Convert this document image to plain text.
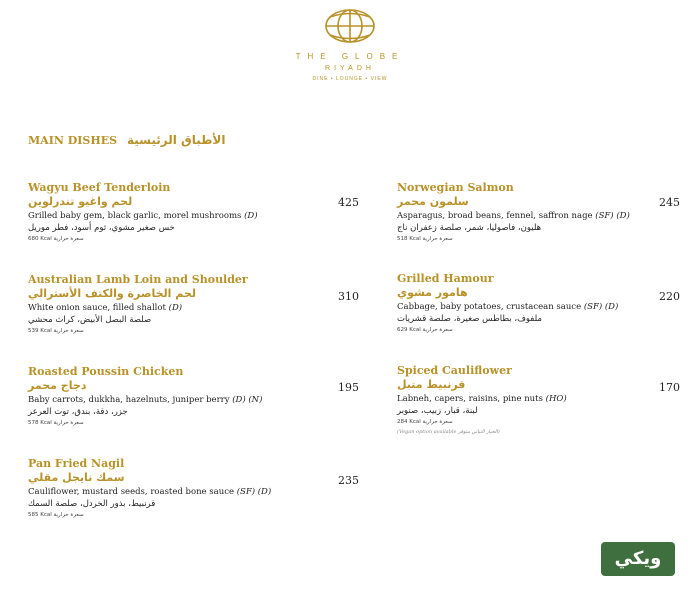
THE GLOBE
RIYADH
DINE • LOUNGE • VIEW
MAIN DISHES الأطباق الرئيسية
Wagyu Beef Tenderloin
لحم واغيو تندرلوين
Grilled baby gem, black garlic, morel mushrooms (D)
خس صغير مشوي، ثوم أسود، فطر موريل
680 Kcal سعرة حرارية
425
Australian Lamb Loin and Shoulder
لحم الخاصرة والكتف الأسترالي
White onion sauce, filled shallot (D)
صلصة البصل الأبيض، كراث محشي
539 Kcal سعرة حرارية
310
Roasted Poussin Chicken
دجاج محمر
Baby carrots, dukkha, hazelnuts, juniper berry (D) (N)
جزر، دقة، بندق، توت العرعر
578 Kcal سعرة حرارية
195
Pan Fried Nagil
سمك نايجل مقلي
Cauliflower, mustard seeds, roasted bone sauce (SF) (D)
قرنبيط، بذور الخردل، صلصة السمك
585 Kcal سعرة حرارية
235
Norwegian Salmon
سلمون محمر
Asparagus, broad beans, fennel, saffron nage (SF) (D)
هليون، فاصوليا، شمر، صلصة زعفران ناج
518 Kcal سعرة حرارية
245
Grilled Hamour
هامور مشوي
Cabbage, baby potatoes, crustacean sauce (SF) (D)
ملفوف، بطاطس صغيرة، صلصة قشريات
629 Kcal سعرة حرارية
220
Spiced Cauliflower
قرنبيط متبل
Labneh, capers, raisins, pine nuts (HO)
لبنة، قبار، زبيب، صنوبر
284 Kcal سعرة حرارية
(Vegan option available الخيار النباتي متوفر)
170
ويكي
